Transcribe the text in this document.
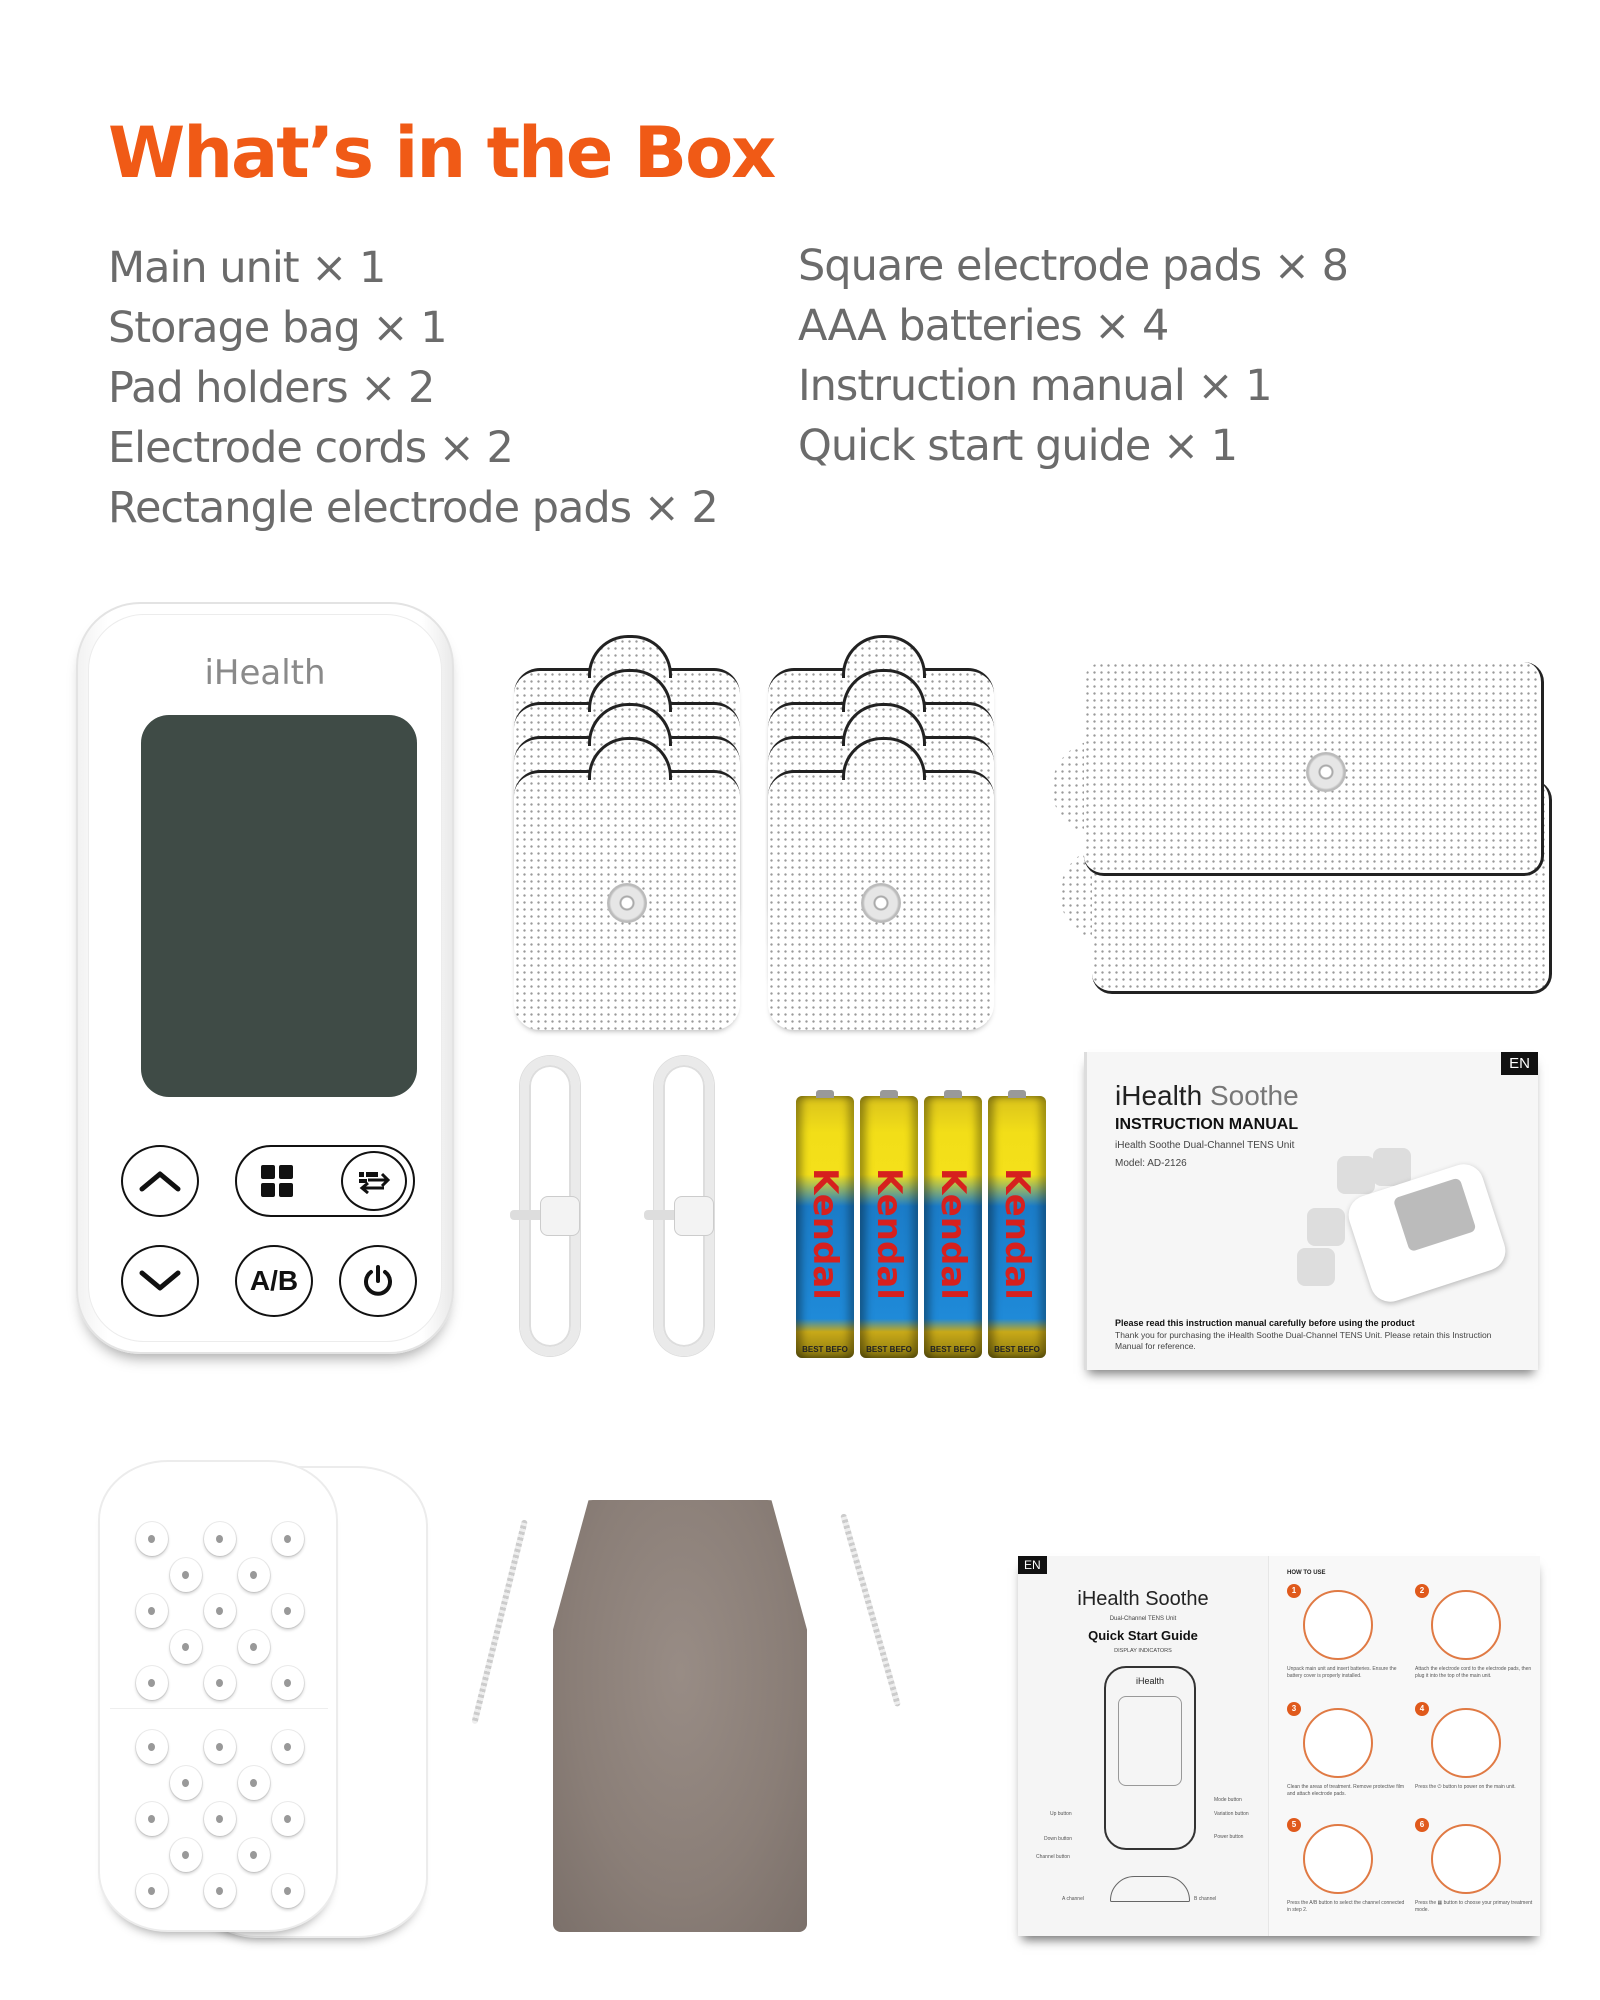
What’s in the Box
Main unit × 1
Storage bag × 1
Pad holders × 2
Electrode cords × 2
Rectangle electrode pads × 2
Square electrode pads × 8
AAA batteries × 4
Instruction manual × 1
Quick start guide × 1
iHealth
A/B	Kendal
BEST BEFO
Kendal
BEST BEFO
Kendal
BEST BEFO
Kendal
BEST BEFO
EN
iHealth Soothe
INSTRUCTION MANUAL
iHealth Soothe Dual-Channel TENS Unit
Model: AD-2126
Please read this instruction manual carefully before using the product
Thank you for purchasing the iHealth Soothe Dual-Channel TENS Unit. Please retain this Instruction Manual for reference.
EN
iHealth Soothe
Dual-Channel TENS Unit
Quick Start Guide
DISPLAY INDICATORS
iHealth
Up button
Down button
Channel button
Mode button
Variation button
Power button
A channel	B channel
HOW TO USE
1
Unpack main unit and insert batteries. Ensure the battery cover is properly installed.
2
Attach the electrode cord to the electrode pads, then plug it into the top of the main unit.
3
Clean the areas of treatment. Remove protective film and attach electrode pads.
4
Press the ⏻ button to power on the main unit.
5
Press the A/B button to select the channel connected in step 2.
6
Press the ▦ button to choose your primary treatment mode.
